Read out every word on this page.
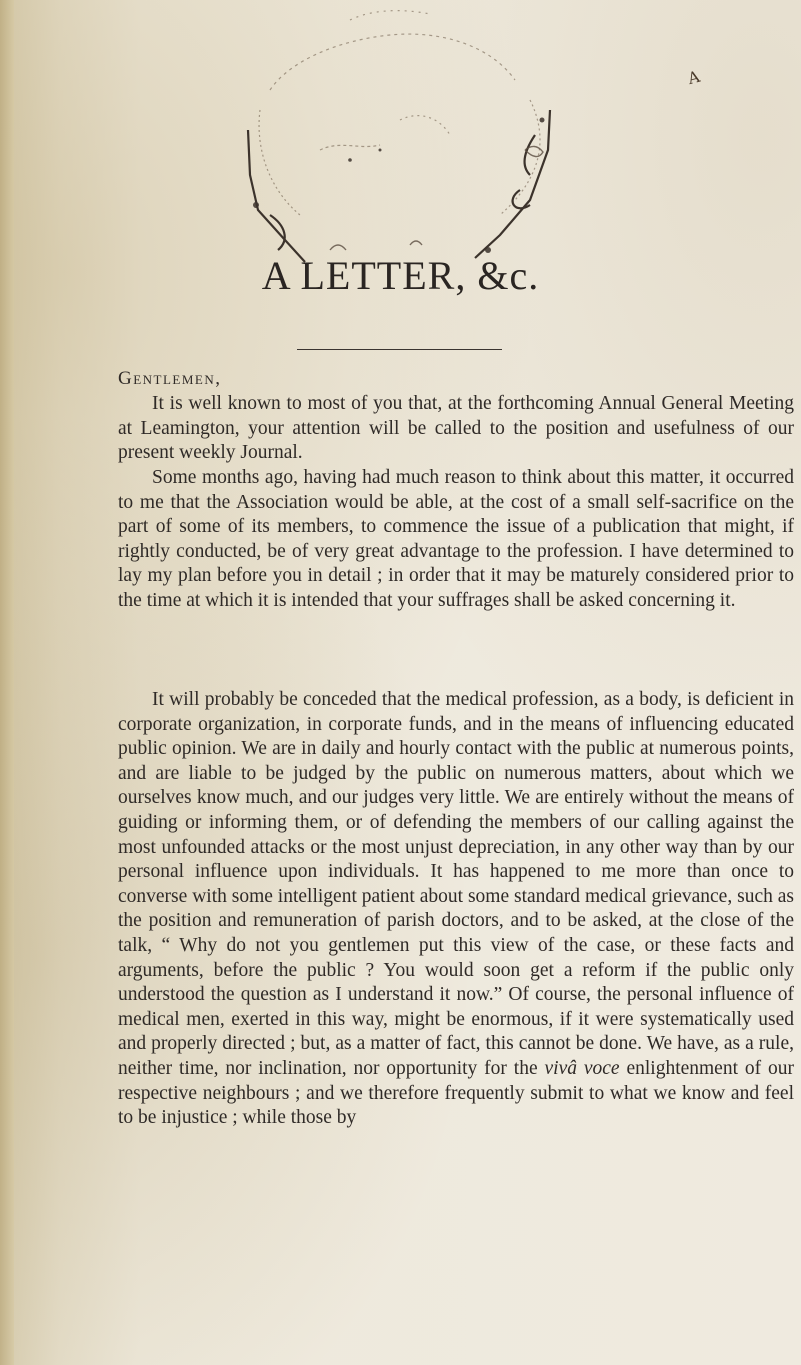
A
A LETTER, &c.
Gentlemen,

It is well known to most of you that, at the forthcoming Annual General Meeting at Leamington, your attention will be called to the position and usefulness of our present weekly Journal.

Some months ago, having had much reason to think about this matter, it occurred to me that the Association would be able, at the cost of a small self-sacrifice on the part of some of its members, to commence the issue of a publication that might, if rightly conducted, be of very great advantage to the profession. I have determined to lay my plan before you in detail ; in order that it may be maturely considered prior to the time at which it is intended that your suffrages shall be asked concerning it.

It will probably be conceded that the medical profession, as a body, is deficient in corporate organization, in corporate funds, and in the means of influencing educated public opinion. We are in daily and hourly contact with the public at numerous points, and are liable to be judged by the public on numerous matters, about which we ourselves know much, and our judges very little. We are entirely without the means of guiding or informing them, or of defending the members of our calling against the most unfounded attacks or the most unjust depreciation, in any other way than by our personal influence upon individuals. It has happened to me more than once to converse with some intelligent patient about some standard medical grievance, such as the position and remuneration of parish doctors, and to be asked, at the close of the talk, “ Why do not you gentlemen put this view of the case, or these facts and arguments, before the public ? You would soon get a reform if the public only understood the question as I understand it now.” Of course, the personal influence of medical men, exerted in this way, might be enormous, if it were systematically used and properly directed ; but, as a matter of fact, this cannot be done. We have, as a rule, neither time, nor inclination, nor opportunity for the vivâ voce enlightenment of our respective neighbours ; and we therefore frequently submit to what we know and feel to be injustice ; while those by
